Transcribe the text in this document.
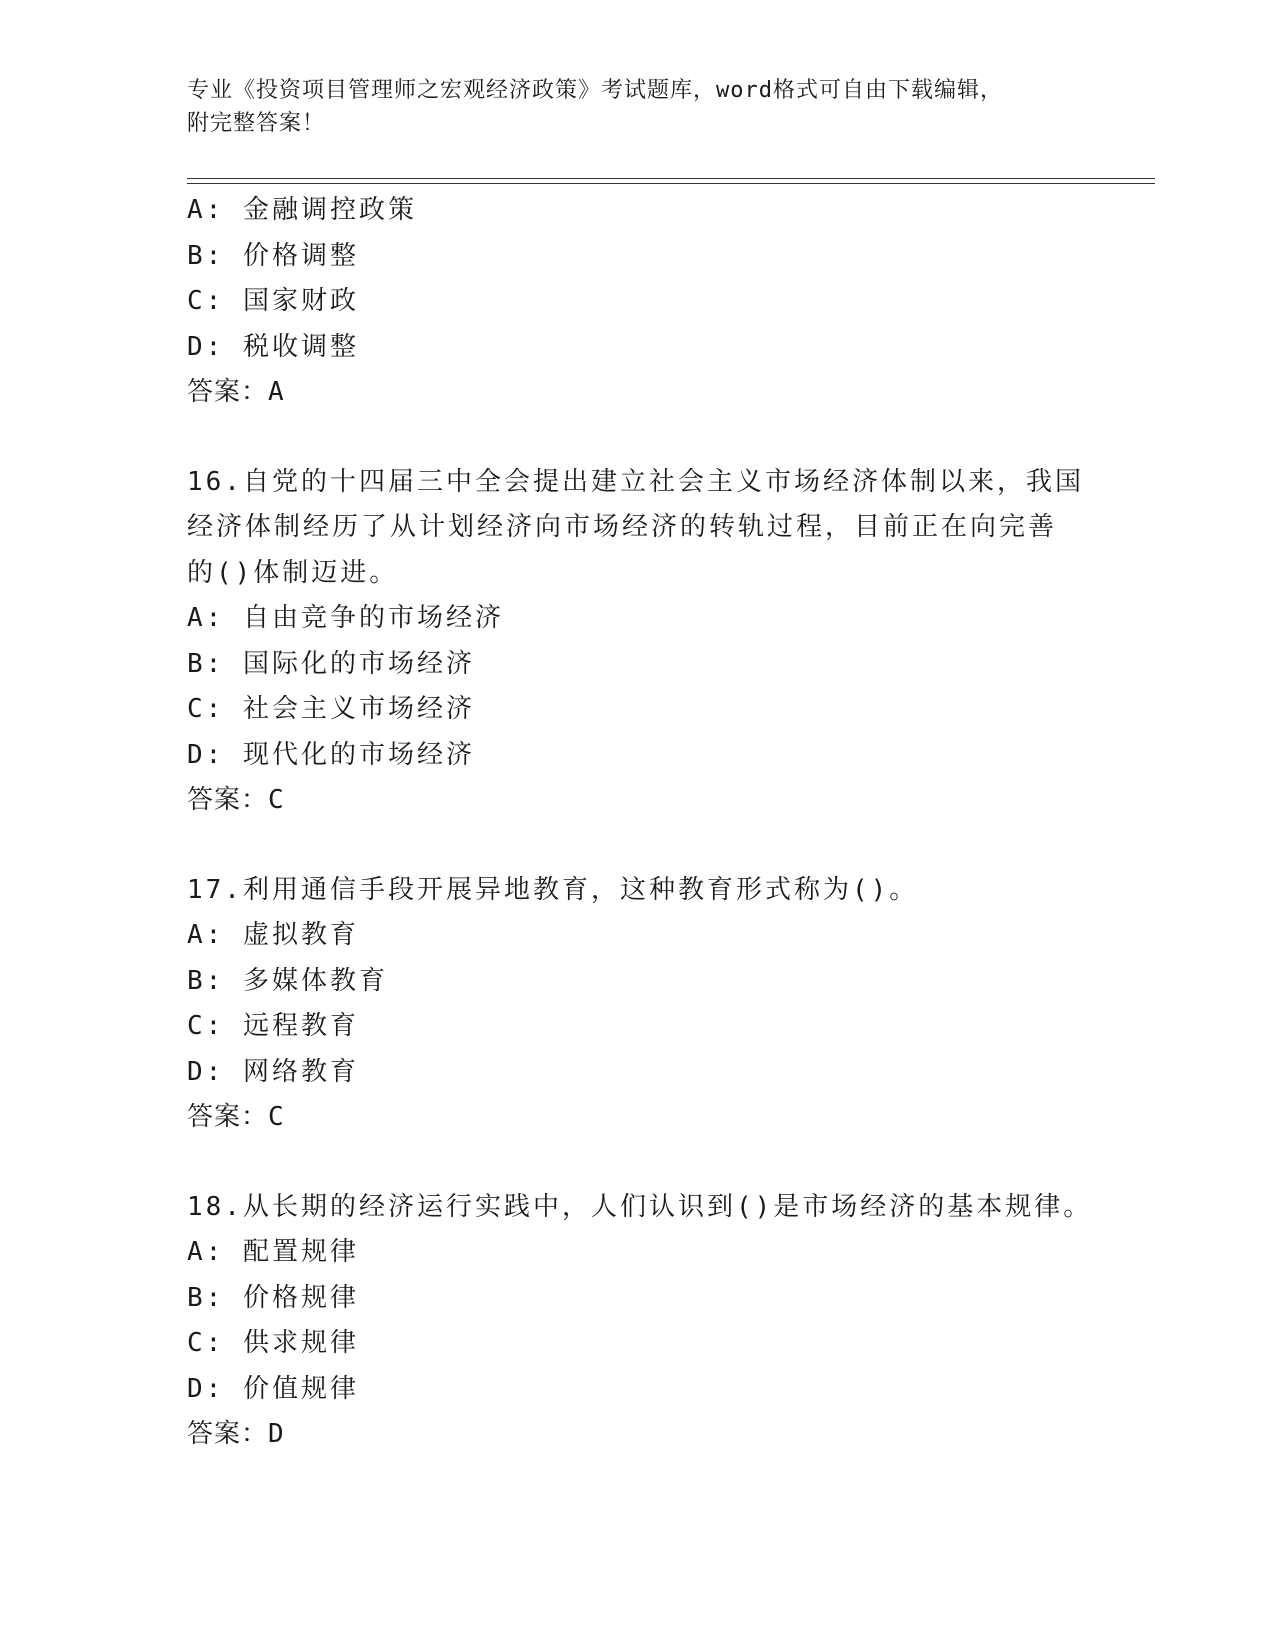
专业《投资项目管理师之宏观经济政策》考试题库，word格式可自由下载编辑，
附完整答案！
A: 金融调控政策
B: 价格调整
C: 国家财政
D: 税收调整
答案：A
16.自党的十四届三中全会提出建立社会主义市场经济体制以来，我国
经济体制经历了从计划经济向市场经济的转轨过程，目前正在向完善
的()体制迈进。
A: 自由竞争的市场经济
B: 国际化的市场经济
C: 社会主义市场经济
D: 现代化的市场经济
答案：C
17.利用通信手段开展异地教育，这种教育形式称为()。
A: 虚拟教育
B: 多媒体教育
C: 远程教育
D: 网络教育
答案：C
18.从长期的经济运行实践中，人们认识到()是市场经济的基本规律。
A: 配置规律
B: 价格规律
C: 供求规律
D: 价值规律
答案：D
